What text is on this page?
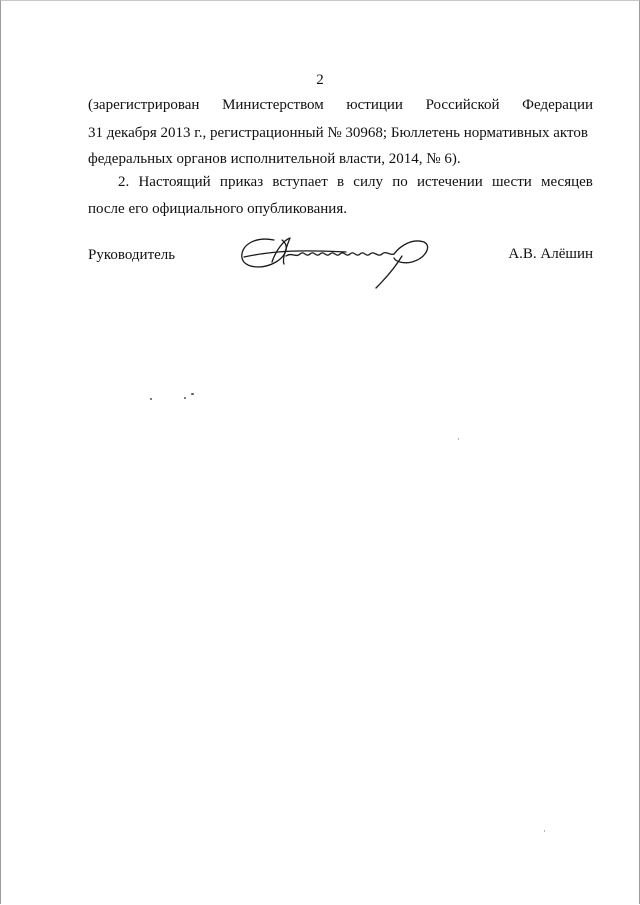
2
(зарегистрирован Министерством юстиции Российской Федерации
31 декабря 2013 г., регистрационный № 30968; Бюллетень нормативных актов
федеральных органов исполнительной власти, 2014, № 6).
2. Настоящий приказ вступает в силу по истечении шести месяцев
после его официального опубликования.
Руководитель	А.В. Алёшин
